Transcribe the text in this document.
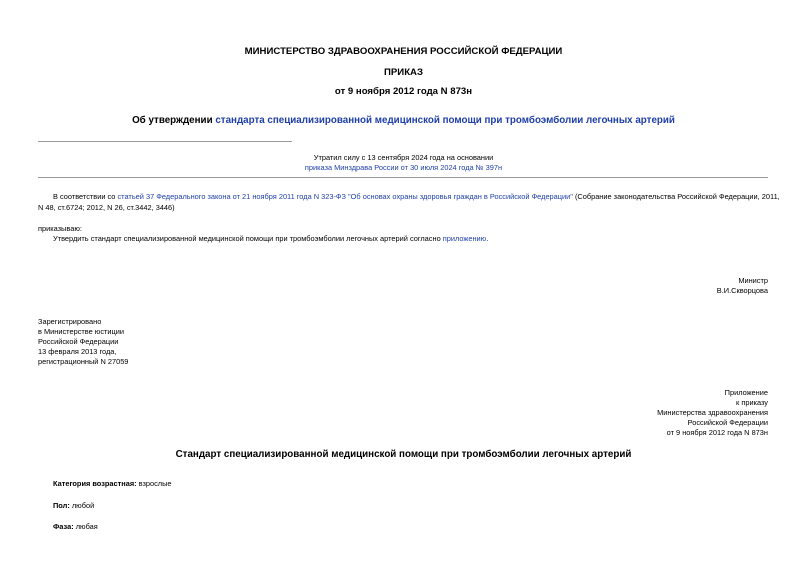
МИНИСТЕРСТВО ЗДРАВООХРАНЕНИЯ РОССИЙСКОЙ ФЕДЕРАЦИИ
ПРИКАЗ
от 9 ноября 2012 года N 873н
Об утверждении стандарта специализированной медицинской помощи при тромбоэмболии легочных артерий
Утратил силу с 13 сентября 2024 года на основании
приказа Минздрава России от 30 июля 2024 года № 397н
В соответствии со статьей 37 Федерального закона от 21 ноября 2011 года N 323-ФЗ "Об основах охраны здоровья граждан в Российской Федерации" (Собрание законодательства Российской Федерации, 2011,
N 48, ст.6724; 2012, N 26, ст.3442, 3446)
приказываю:
Утвердить стандарт специализированной медицинской помощи при тромбоэмболии легочных артерий согласно приложению.
Министр
В.И.Скворцова
Зарегистрировано
в Министерстве юстиции
Российской Федерации
13 февраля 2013 года,
регистрационный N 27059
Приложение
к приказу
Министерства здравоохранения
Российской Федерации
от 9 ноября 2012 года N 873н
Стандарт специализированной медицинской помощи при тромбоэмболии легочных артерий
Категория возрастная: взрослые
Пол: любой
Фаза: любая
